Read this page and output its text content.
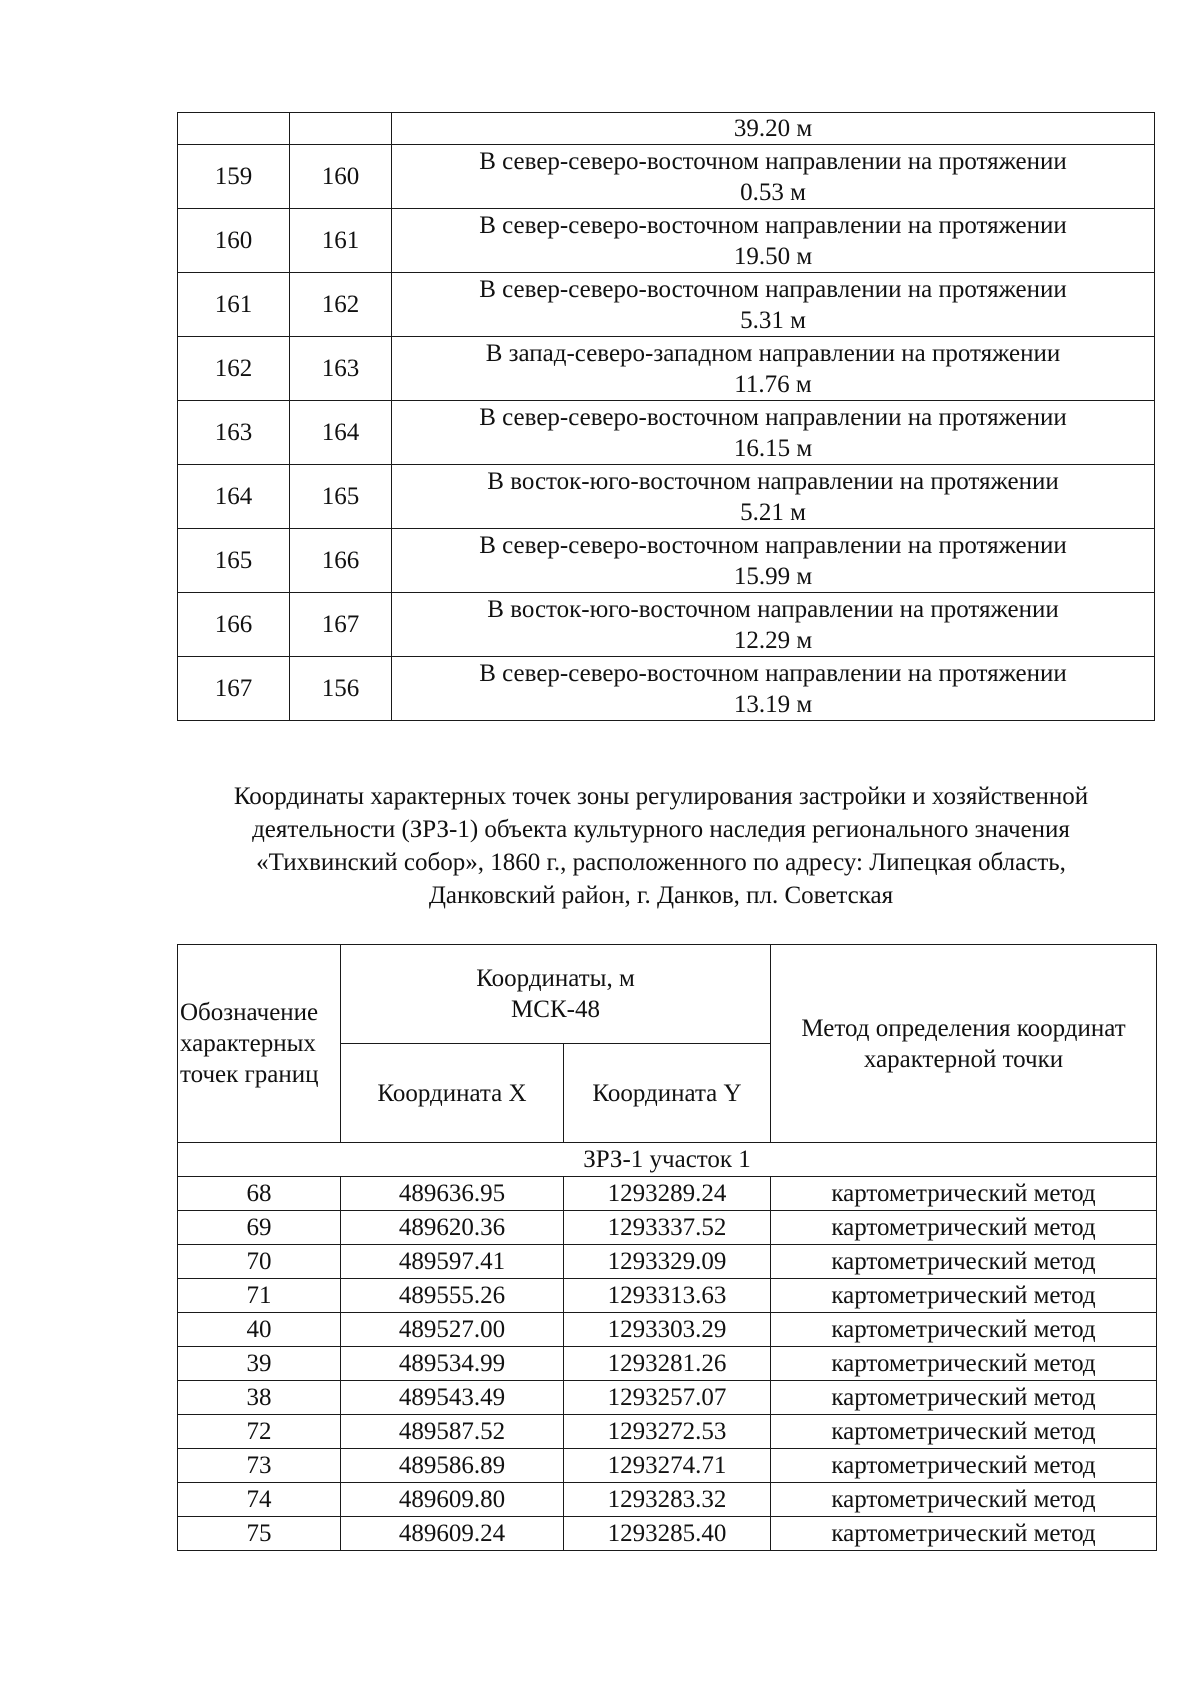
		39.20 м
159	160	В север-северо-восточном направлении на протяжении
0.53 м

160	161	В север-северо-восточном направлении на протяжении
19.50 м

161	162	В север-северо-восточном направлении на протяжении
5.31 м

162	163	В запад-северо-западном направлении на протяжении
11.76 м

163	164	В север-северо-восточном направлении на протяжении
16.15 м

164	165	В восток-юго-восточном направлении на протяжении
5.21 м

165	166	В север-северо-восточном направлении на протяжении
15.99 м

166	167	В восток-юго-восточном направлении на протяжении
12.29 м

167	156	В север-северо-восточном направлении на протяжении
13.19 м
Координаты характерных точек зоны регулирования застройки и хозяйственной
деятельности (ЗРЗ-1) объекта культурного наследия регионального значения
«Тихвинский собор», 1860 г., расположенного по адресу: Липецкая область,
Данковский район, г. Данков, пл. Советская
Обозначение
характерных
точек границ	Координаты, м
МСК-48		Метод определения координат
характерной точки

	Координата X	Координата Y	
ЗРЗ-1 участок 1			
68	489636.95	1293289.24	картометрический метод
69	489620.36	1293337.52	картометрический метод
70	489597.41	1293329.09	картометрический метод
71	489555.26	1293313.63	картометрический метод
40	489527.00	1293303.29	картометрический метод
39	489534.99	1293281.26	картометрический метод
38	489543.49	1293257.07	картометрический метод
72	489587.52	1293272.53	картометрический метод
73	489586.89	1293274.71	картометрический метод
74	489609.80	1293283.32	картометрический метод
75	489609.24	1293285.40	картометрический метод
